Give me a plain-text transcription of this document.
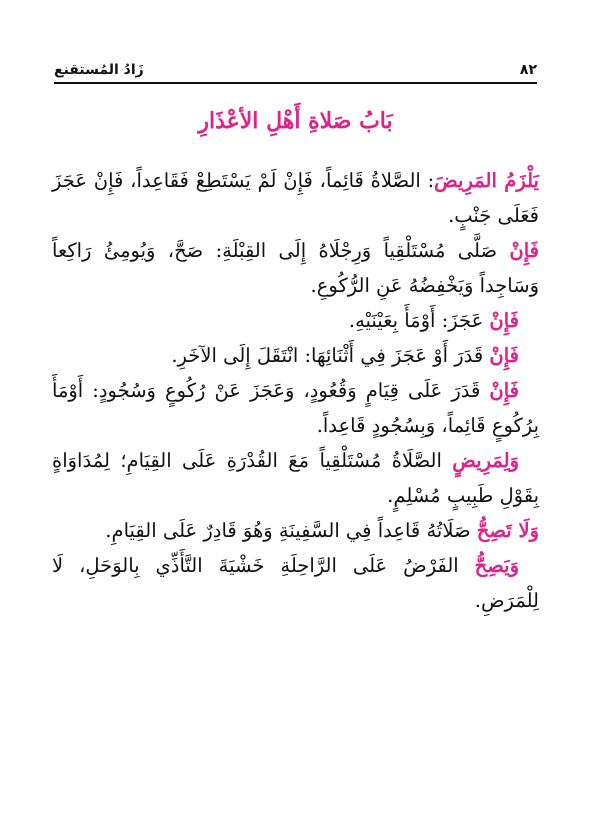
زَادُ المُستقنع	٨٢
بَابُ صَلاةِ أَهْلِ الأعْذَارِ

يَلْزَمُ المَرِيضَ: الصَّلاةُ قَائِماً، فَإِنْ لَمْ يَسْتَطِعْ فَقَاعِداً، فَإِنْ عَجَزَ فَعَلَى جَنْبٍ.

فَإِنْ صَلَّى مُسْتَلْقِياً وَرِجْلَاهُ إِلَى القِبْلَةِ: صَحَّ، وَيُومِئُ رَاكِعاً وَسَاجِداً وَيَخْفِضُهُ عَنِ الرُّكُوعِ.

فَإِنْ عَجَزَ: أَوْمَأَ بِعَيْنَيْهِ.

فَإِنْ قَدَرَ أَوْ عَجَزَ فِي أَثْنَائِهَا: انْتَقَلَ إِلَى الآخَرِ.

فَإِنْ قَدَرَ عَلَى قِيَامٍ وَقُعُودٍ، وَعَجَزَ عَنْ رُكُوعٍ وَسُجُودٍ: أَوْمَأَ بِرُكُوعٍ قَائِماً، وَبِسُجُودٍ قَاعِداً.

وَلِمَرِيضٍ الصَّلَاةُ مُسْتَلْقِياً مَعَ القُدْرَةِ عَلَى القِيَامِ؛ لِمُدَاوَاةٍ بِقَوْلِ طَبِيبٍ مُسْلِمٍ.

وَلَا تَصِحُّ صَلَاتُهُ قَاعِداً فِي السَّفِينَةِ وَهُوَ قَادِرٌ عَلَى القِيَامِ.

وَيَصِحُّ الفَرْضُ عَلَى الرَّاحِلَةِ خَشْيَةَ التَّأَذِّي بِالوَحَلِ، لَا لِلْمَرَضِ.
